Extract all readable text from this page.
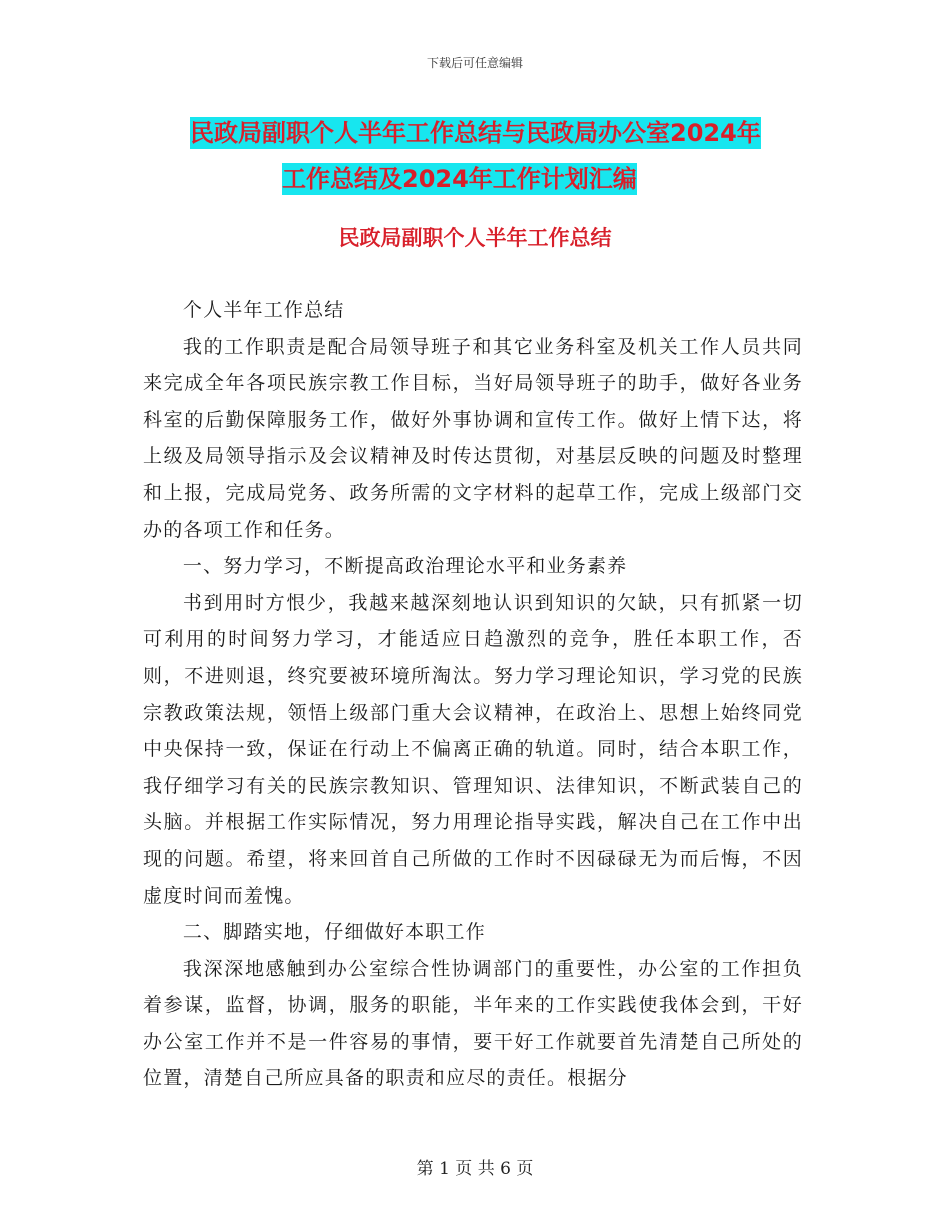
下载后可任意编辑
民政局副职个人半年工作总结与民政局办公室2024年
工作总结及2024年工作计划汇编
民政局副职个人半年工作总结

个人半年工作总结

我的工作职责是配合局领导班子和其它业务科室及机关工作人员共同来完成全年各项民族宗教工作目标，当好局领导班子的助手，做好各业务科室的后勤保障服务工作，做好外事协调和宣传工作。做好上情下达，将上级及局领导指示及会议精神及时传达贯彻，对基层反映的问题及时整理和上报，完成局党务、政务所需的文字材料的起草工作，完成上级部门交办的各项工作和任务。

一、努力学习，不断提高政治理论水平和业务素养

书到用时方恨少，我越来越深刻地认识到知识的欠缺，只有抓紧一切可利用的时间努力学习，才能适应日趋激烈的竞争，胜任本职工作，否则，不进则退，终究要被环境所淘汰。努力学习理论知识，学习党的民族宗教政策法规，领悟上级部门重大会议精神，在政治上、思想上始终同党中央保持一致，保证在行动上不偏离正确的轨道。同时，结合本职工作，我仔细学习有关的民族宗教知识、管理知识、法律知识，不断武装自己的头脑。并根据工作实际情况，努力用理论指导实践，解决自己在工作中出现的问题。希望，将来回首自己所做的工作时不因碌碌无为而后悔，不因虚度时间而羞愧。

二、脚踏实地，仔细做好本职工作

我深深地感触到办公室综合性协调部门的重要性，办公室的工作担负着参谋，监督，协调，服务的职能，半年来的工作实践使我体会到，干好办公室工作并不是一件容易的事情，要干好工作就要首先清楚自己所处的位置，清楚自己所应具备的职责和应尽的责任。根据分

第 1 页 共 6 页
